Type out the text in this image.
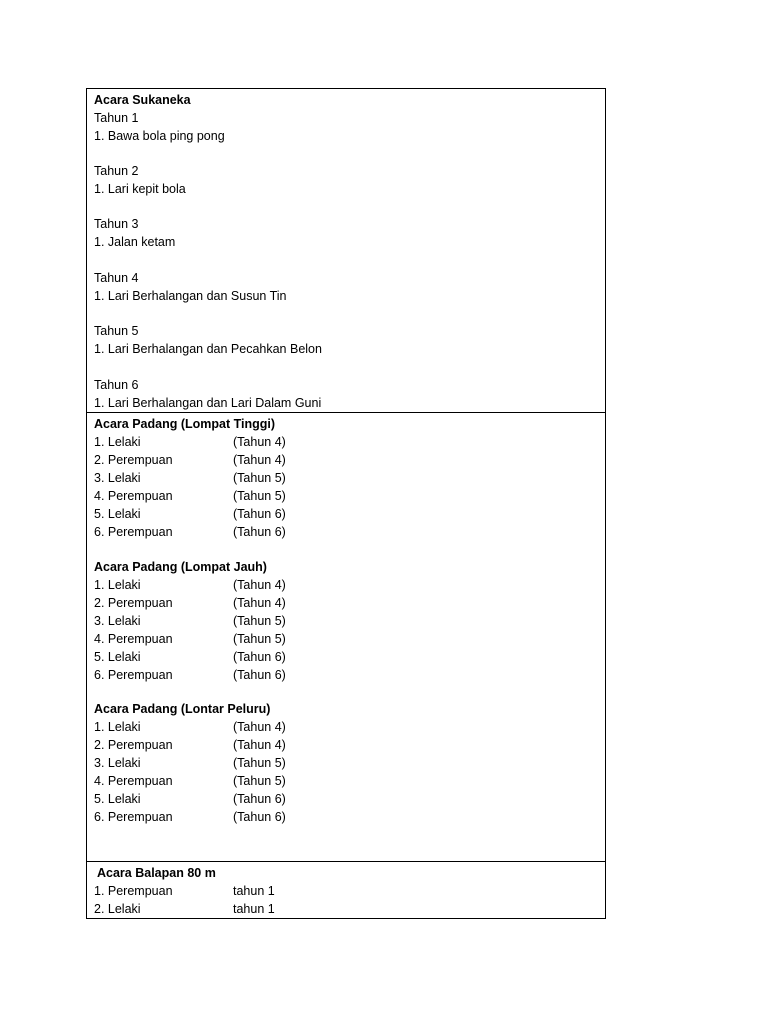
Acara Sukaneka
Tahun 1
1. Bawa bola ping pong
Tahun 2
1. Lari kepit bola
Tahun 3
1. Jalan ketam
Tahun 4
1. Lari Berhalangan dan Susun Tin
Tahun 5
1. Lari Berhalangan dan Pecahkan Belon
Tahun 6
1. Lari Berhalangan dan Lari Dalam Guni
Acara Padang (Lompat Tinggi)
1. Lelaki	(Tahun 4)
2. Perempuan	(Tahun 4)
3. Lelaki	(Tahun 5)
4. Perempuan	(Tahun 5)
5. Lelaki	(Tahun 6)
6. Perempuan	(Tahun 6)
Acara Padang (Lompat Jauh)
1. Lelaki	(Tahun 4)
2. Perempuan	(Tahun 4)
3. Lelaki	(Tahun 5)
4. Perempuan	(Tahun 5)
5. Lelaki	(Tahun 6)
6. Perempuan	(Tahun 6)
Acara Padang (Lontar Peluru)
1. Lelaki	(Tahun 4)
2. Perempuan	(Tahun 4)
3. Lelaki	(Tahun 5)
4. Perempuan	(Tahun 5)
5. Lelaki	(Tahun 6)
6. Perempuan	(Tahun 6)
Acara Balapan 80 m
1. Perempuan	tahun 1
2. Lelaki	tahun 1
